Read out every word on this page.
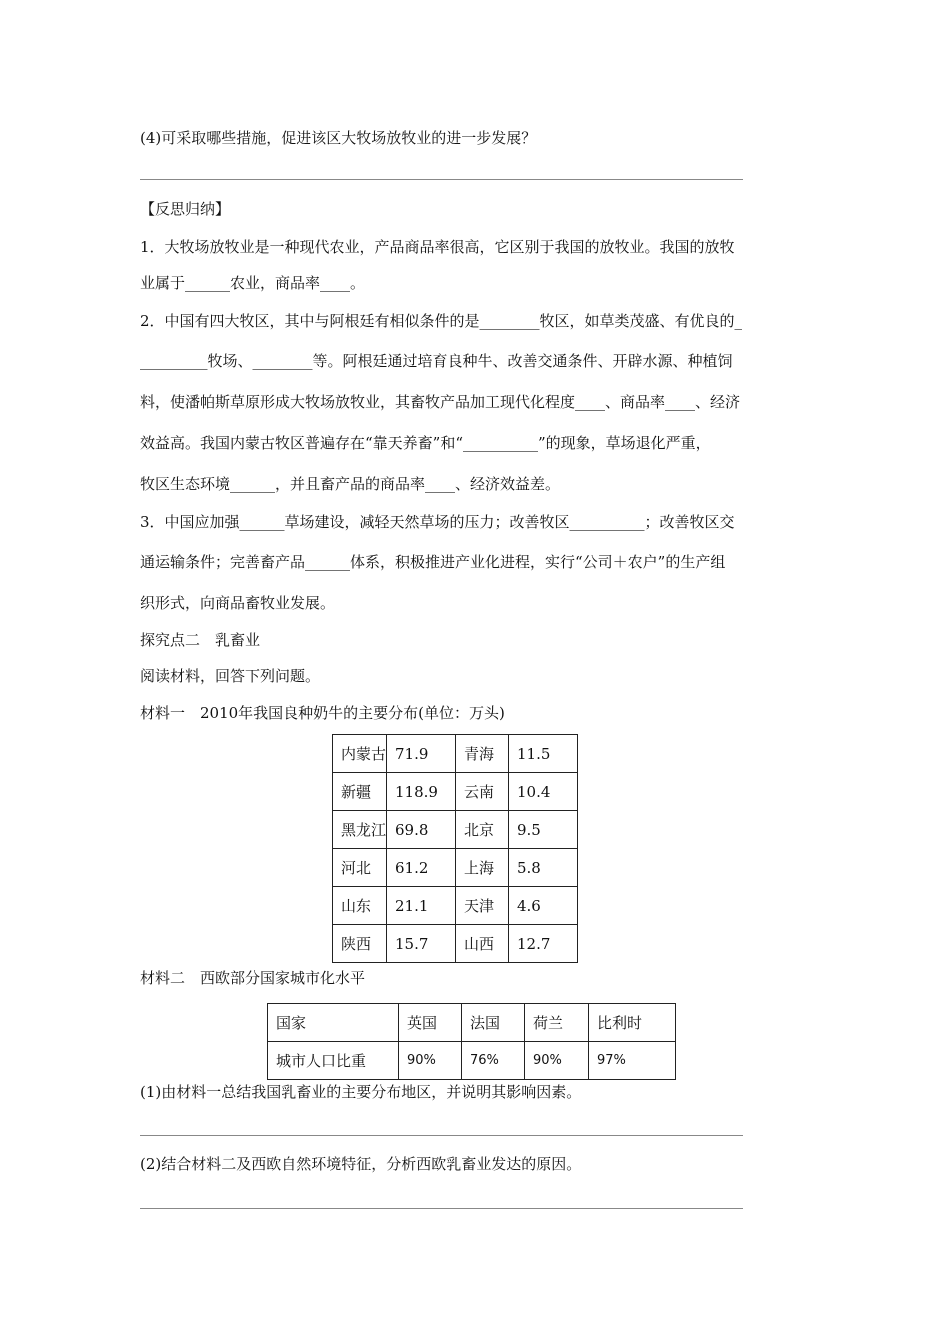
(4)可采取哪些措施，促进该区大牧场放牧业的进一步发展？
【反思归纳】
1．大牧场放牧业是一种现代农业，产品商品率很高，它区别于我国的放牧业。我国的放牧
业属于______农业，商品率____。
2．中国有四大牧区，其中与阿根廷有相似条件的是________牧区，如草类茂盛、有优良的_
_________牧场、________等。阿根廷通过培育良种牛、改善交通条件、开辟水源、种植饲
料，使潘帕斯草原形成大牧场放牧业，其畜牧产品加工现代化程度____、商品率____、经济
效益高。我国内蒙古牧区普遍存在“靠天养畜”和“__________”的现象，草场退化严重，
牧区生态环境______，并且畜产品的商品率____、经济效益差。
3．中国应加强______草场建设，减轻天然草场的压力；改善牧区__________；改善牧区交
通运输条件；完善畜产品______体系，积极推进产业化进程，实行“公司＋农户”的生产组
织形式，向商品畜牧业发展。
探究点二　乳畜业
阅读材料，回答下列问题。
材料一　2010年我国良种奶牛的主要分布(单位：万头)
内蒙古	71.9	青海	11.5
新疆	118.9	云南	10.4
黑龙江	69.8	北京	9.5
河北	61.2	上海	5.8
山东	21.1	天津	4.6
陕西	15.7	山西	12.7
材料二　西欧部分国家城市化水平
国家	英国	法国	荷兰	比利时
城市人口比重	90%	76%	90%	97%
(1)由材料一总结我国乳畜业的主要分布地区，并说明其影响因素。
(2)结合材料二及西欧自然环境特征，分析西欧乳畜业发达的原因。
